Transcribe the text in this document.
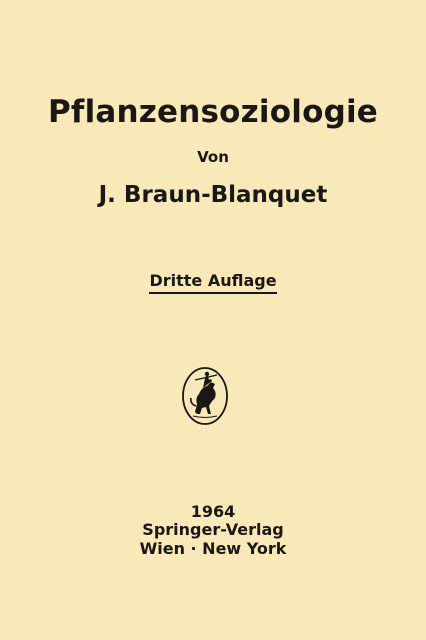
Pflanzensoziologie
Von
J. Braun-Blanquet
Dritte Auflage
1964
Springer-Verlag
Wien · New York
